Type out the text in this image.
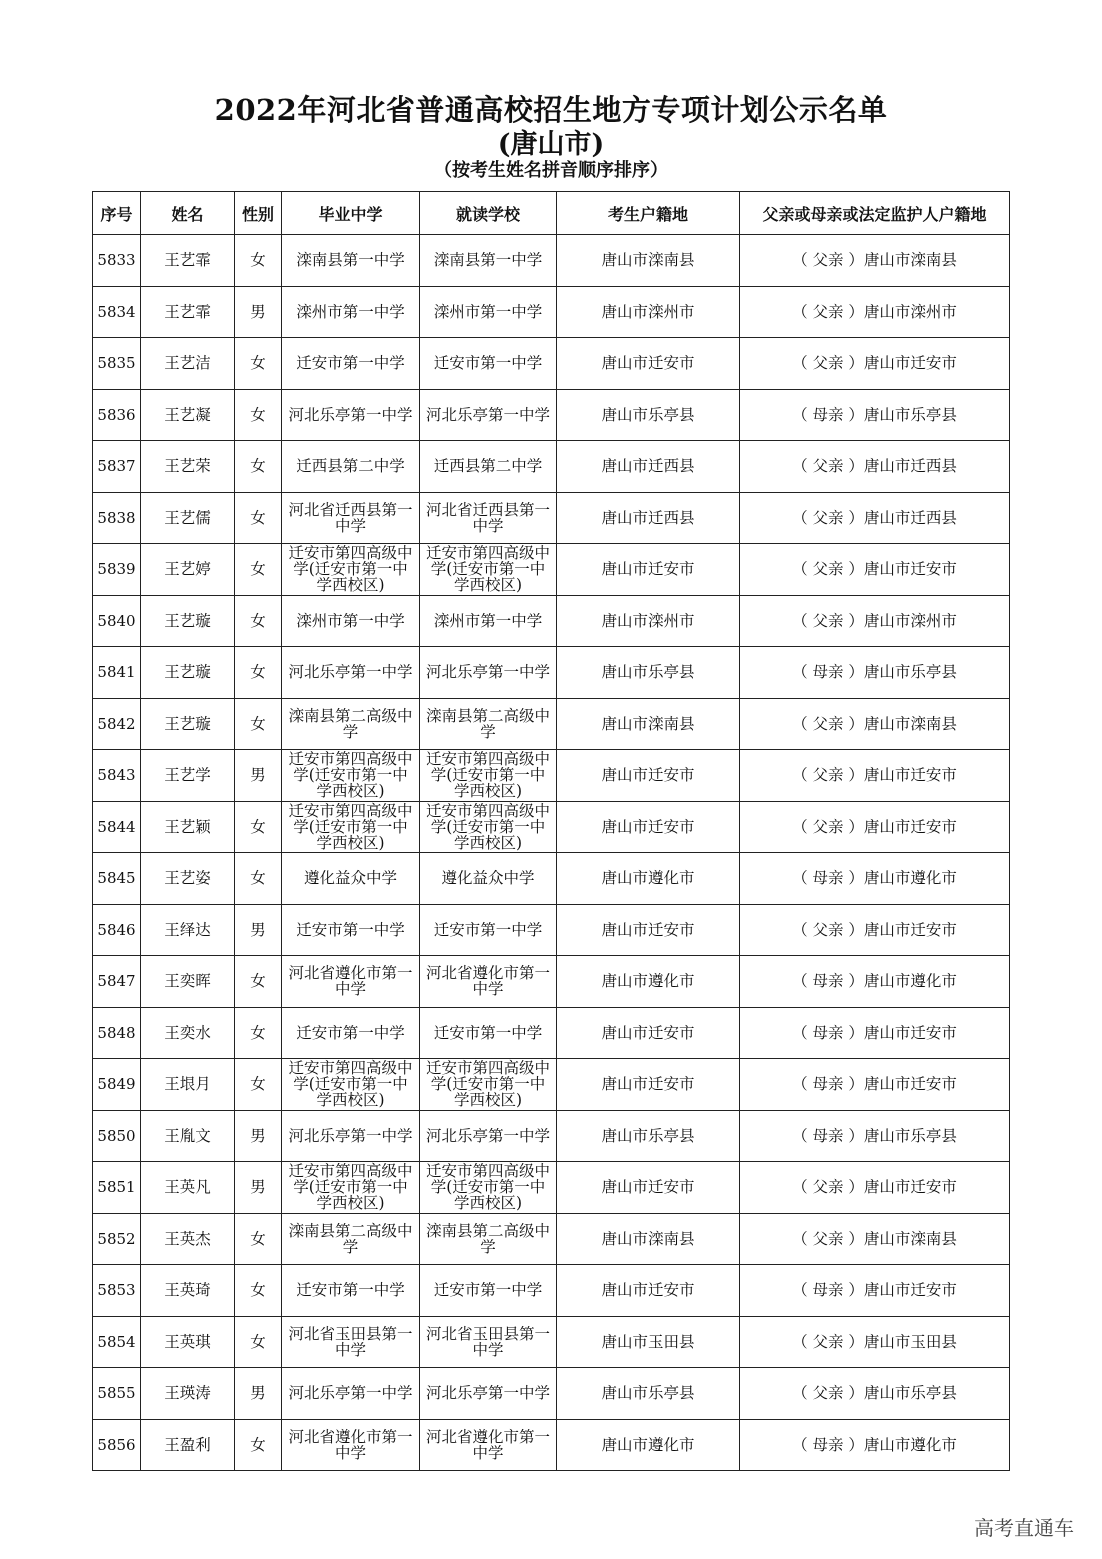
2022年河北省普通高校招生地方专项计划公示名单
(唐山市)
（按考生姓名拼音顺序排序）
序号	姓名	性别	毕业中学	就读学校	考生户籍地	父亲或母亲或法定监护人户籍地
5833	王艺霏	女	滦南县第一中学	滦南县第一中学	唐山市滦南县	（ 父亲 ）唐山市滦南县
5834	王艺霏	男	滦州市第一中学	滦州市第一中学	唐山市滦州市	（ 父亲 ）唐山市滦州市
5835	王艺洁	女	迁安市第一中学	迁安市第一中学	唐山市迁安市	（ 父亲 ）唐山市迁安市
5836	王艺凝	女	河北乐亭第一中学	河北乐亭第一中学	唐山市乐亭县	（ 母亲 ）唐山市乐亭县
5837	王艺荣	女	迁西县第二中学	迁西县第二中学	唐山市迁西县	（ 父亲 ）唐山市迁西县
5838	王艺儒	女	河北省迁西县第一中学	河北省迁西县第一中学	唐山市迁西县	（ 父亲 ）唐山市迁西县
5839	王艺婷	女	迁安市第四高级中学(迁安市第一中学西校区)	迁安市第四高级中学(迁安市第一中学西校区)	唐山市迁安市	（ 父亲 ）唐山市迁安市
5840	王艺璇	女	滦州市第一中学	滦州市第一中学	唐山市滦州市	（ 父亲 ）唐山市滦州市
5841	王艺璇	女	河北乐亭第一中学	河北乐亭第一中学	唐山市乐亭县	（ 母亲 ）唐山市乐亭县
5842	王艺璇	女	滦南县第二高级中学	滦南县第二高级中学	唐山市滦南县	（ 父亲 ）唐山市滦南县
5843	王艺学	男	迁安市第四高级中学(迁安市第一中学西校区)	迁安市第四高级中学(迁安市第一中学西校区)	唐山市迁安市	（ 父亲 ）唐山市迁安市
5844	王艺颖	女	迁安市第四高级中学(迁安市第一中学西校区)	迁安市第四高级中学(迁安市第一中学西校区)	唐山市迁安市	（ 父亲 ）唐山市迁安市
5845	王艺姿	女	遵化益众中学	遵化益众中学	唐山市遵化市	（ 母亲 ）唐山市遵化市
5846	王绎达	男	迁安市第一中学	迁安市第一中学	唐山市迁安市	（ 父亲 ）唐山市迁安市
5847	王奕晖	女	河北省遵化市第一中学	河北省遵化市第一中学	唐山市遵化市	（ 母亲 ）唐山市遵化市
5848	王奕水	女	迁安市第一中学	迁安市第一中学	唐山市迁安市	（ 母亲 ）唐山市迁安市
5849	王垠月	女	迁安市第四高级中学(迁安市第一中学西校区)	迁安市第四高级中学(迁安市第一中学西校区)	唐山市迁安市	（ 母亲 ）唐山市迁安市
5850	王胤文	男	河北乐亭第一中学	河北乐亭第一中学	唐山市乐亭县	（ 母亲 ）唐山市乐亭县
5851	王英凡	男	迁安市第四高级中学(迁安市第一中学西校区)	迁安市第四高级中学(迁安市第一中学西校区)	唐山市迁安市	（ 父亲 ）唐山市迁安市
5852	王英杰	女	滦南县第二高级中学	滦南县第二高级中学	唐山市滦南县	（ 父亲 ）唐山市滦南县
5853	王英琦	女	迁安市第一中学	迁安市第一中学	唐山市迁安市	（ 母亲 ）唐山市迁安市
5854	王英琪	女	河北省玉田县第一中学	河北省玉田县第一中学	唐山市玉田县	（ 父亲 ）唐山市玉田县
5855	王瑛涛	男	河北乐亭第一中学	河北乐亭第一中学	唐山市乐亭县	（ 父亲 ）唐山市乐亭县
5856	王盈利	女	河北省遵化市第一中学	河北省遵化市第一中学	唐山市遵化市	（ 母亲 ）唐山市遵化市
高考直通车
